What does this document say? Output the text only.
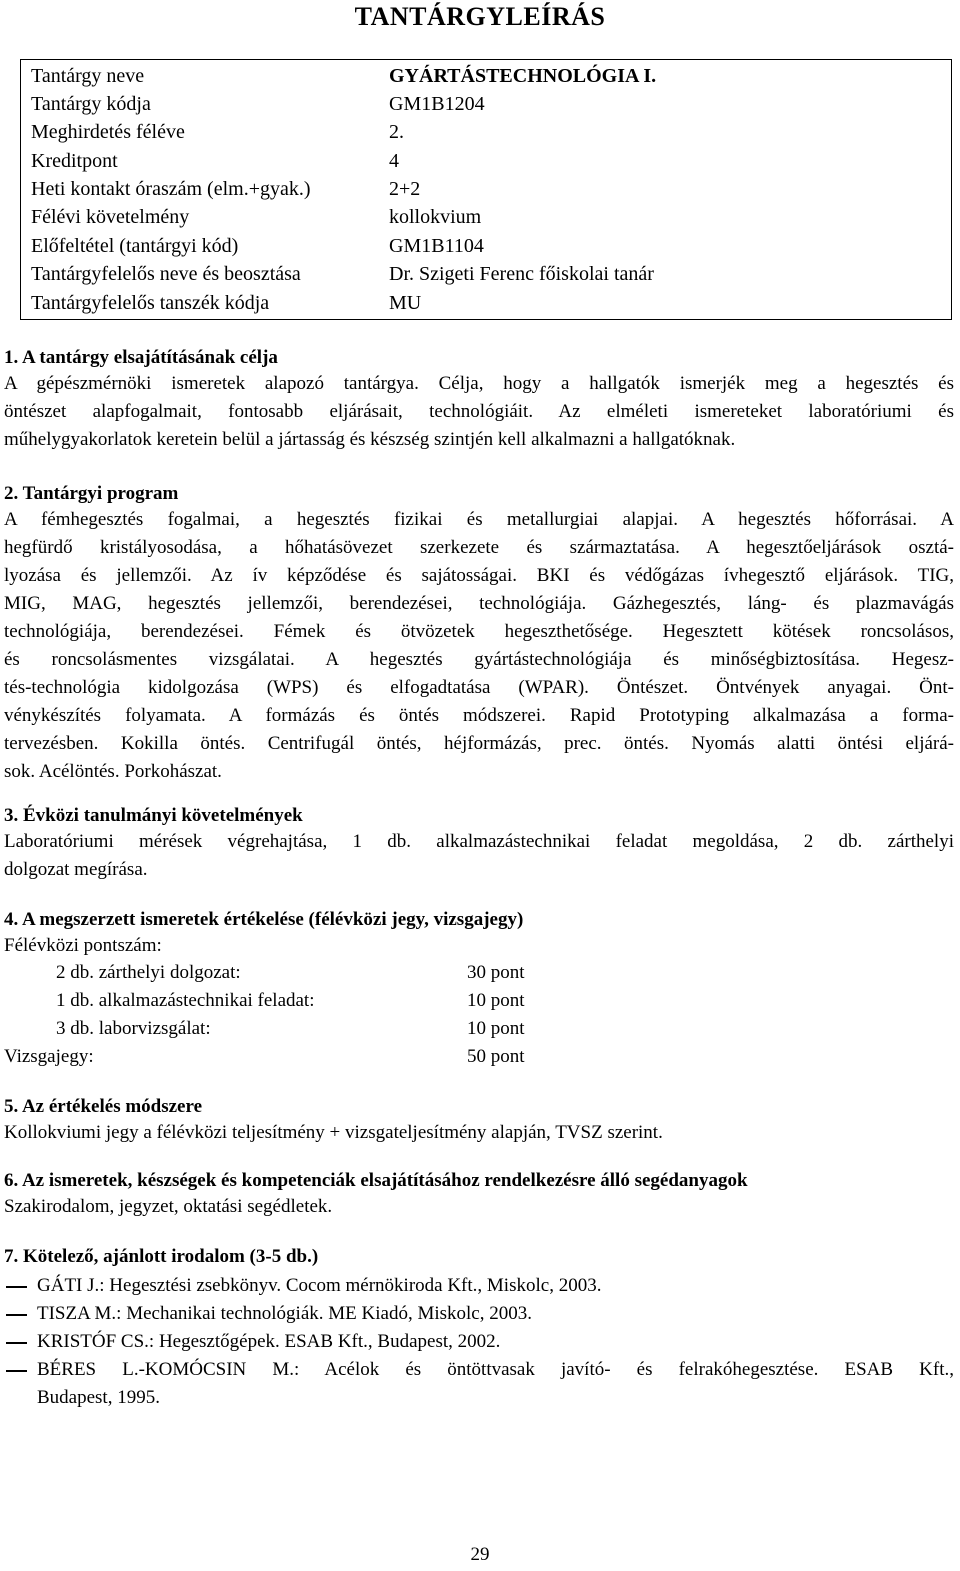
TANTÁRGYLEÍRÁS
Tantárgy neve	GYÁRTÁSTECHNOLÓGIA I.
Tantárgy kódja	GM1B1204
Meghirdetés féléve	2.
Kreditpont	4
Heti kontakt óraszám (elm.+gyak.)	2+2
Félévi követelmény	kollokvium
Előfeltétel (tantárgyi kód)	GM1B1104
Tantárgyfelelős neve és beosztása	Dr. Szigeti Ferenc főiskolai tanár
Tantárgyfelelős tanszék kódja	MU
1. A tantárgy elsajátításának célja
A gépészmérnöki ismeretek alapozó tantárgya. Célja, hogy a hallgatók ismerjék meg a hegesztés és
öntészet alapfogalmait, fontosabb eljárásait, technológiáit. Az elméleti ismereteket laboratóriumi és
műhelygyakorlatok keretein belül a jártasság és készség szintjén kell alkalmazni a hallgatóknak.
2. Tantárgyi program
A fémhegesztés fogalmai, a hegesztés fizikai és metallurgiai alapjai. A hegesztés hőforrásai. A
hegfürdő kristályosodása, a hőhatásövezet szerkezete és származtatása. A hegesztőeljárások osztá-
lyozása és jellemzői. Az ív képződése és sajátosságai. BKI és védőgázas ívhegesztő eljárások. TIG,
MIG, MAG, hegesztés jellemzői, berendezései, technológiája. Gázhegesztés, láng- és plazmavágás
technológiája, berendezései. Fémek és ötvözetek hegeszthetősége. Hegesztett kötések roncsolásos,
és roncsolásmentes vizsgálatai. A hegesztés gyártástechnológiája és minőségbiztosítása. Hegesz-
tés-technológia kidolgozása (WPS) és elfogadtatása (WPAR). Öntészet. Öntvények anyagai. Önt-
vénykészítés folyamata. A formázás és öntés módszerei. Rapid Prototyping alkalmazása a forma-
tervezésben. Kokilla öntés. Centrifugál öntés, héjformázás, prec. öntés. Nyomás alatti öntési eljárá-
sok. Acélöntés. Porkohászat.
3. Évközi tanulmányi követelmények
Laboratóriumi mérések végrehajtása, 1 db. alkalmazástechnikai feladat megoldása, 2 db. zárthelyi
dolgozat megírása.
4. A megszerzett ismeretek értékelése (félévközi jegy, vizsgajegy)
Félévközi pontszám:
2 db. zárthelyi dolgozat:	30 pont
1 db. alkalmazástechnikai feladat:	10 pont
3 db. laborvizsgálat:	10 pont
Vizsgajegy:	50 pont
5. Az értékelés módszere
Kollokviumi jegy a félévközi teljesítmény + vizsgateljesítmény alapján, TVSZ szerint.
6. Az ismeretek, készségek és kompetenciák elsajátításához rendelkezésre álló segédanyagok
Szakirodalom, jegyzet, oktatási segédletek.
7. Kötelező, ajánlott irodalom (3-5 db.)
GÁTI J.: Hegesztési zsebkönyv. Cocom mérnökiroda Kft., Miskolc, 2003.
TISZA M.: Mechanikai technológiák. ME Kiadó, Miskolc, 2003.
KRISTÓF CS.: Hegesztőgépek. ESAB Kft., Budapest, 2002.
BÉRES L.-KOMÓCSIN M.: Acélok és öntöttvasak javító- és felrakóhegesztése. ESAB Kft.,
Budapest, 1995.
29
